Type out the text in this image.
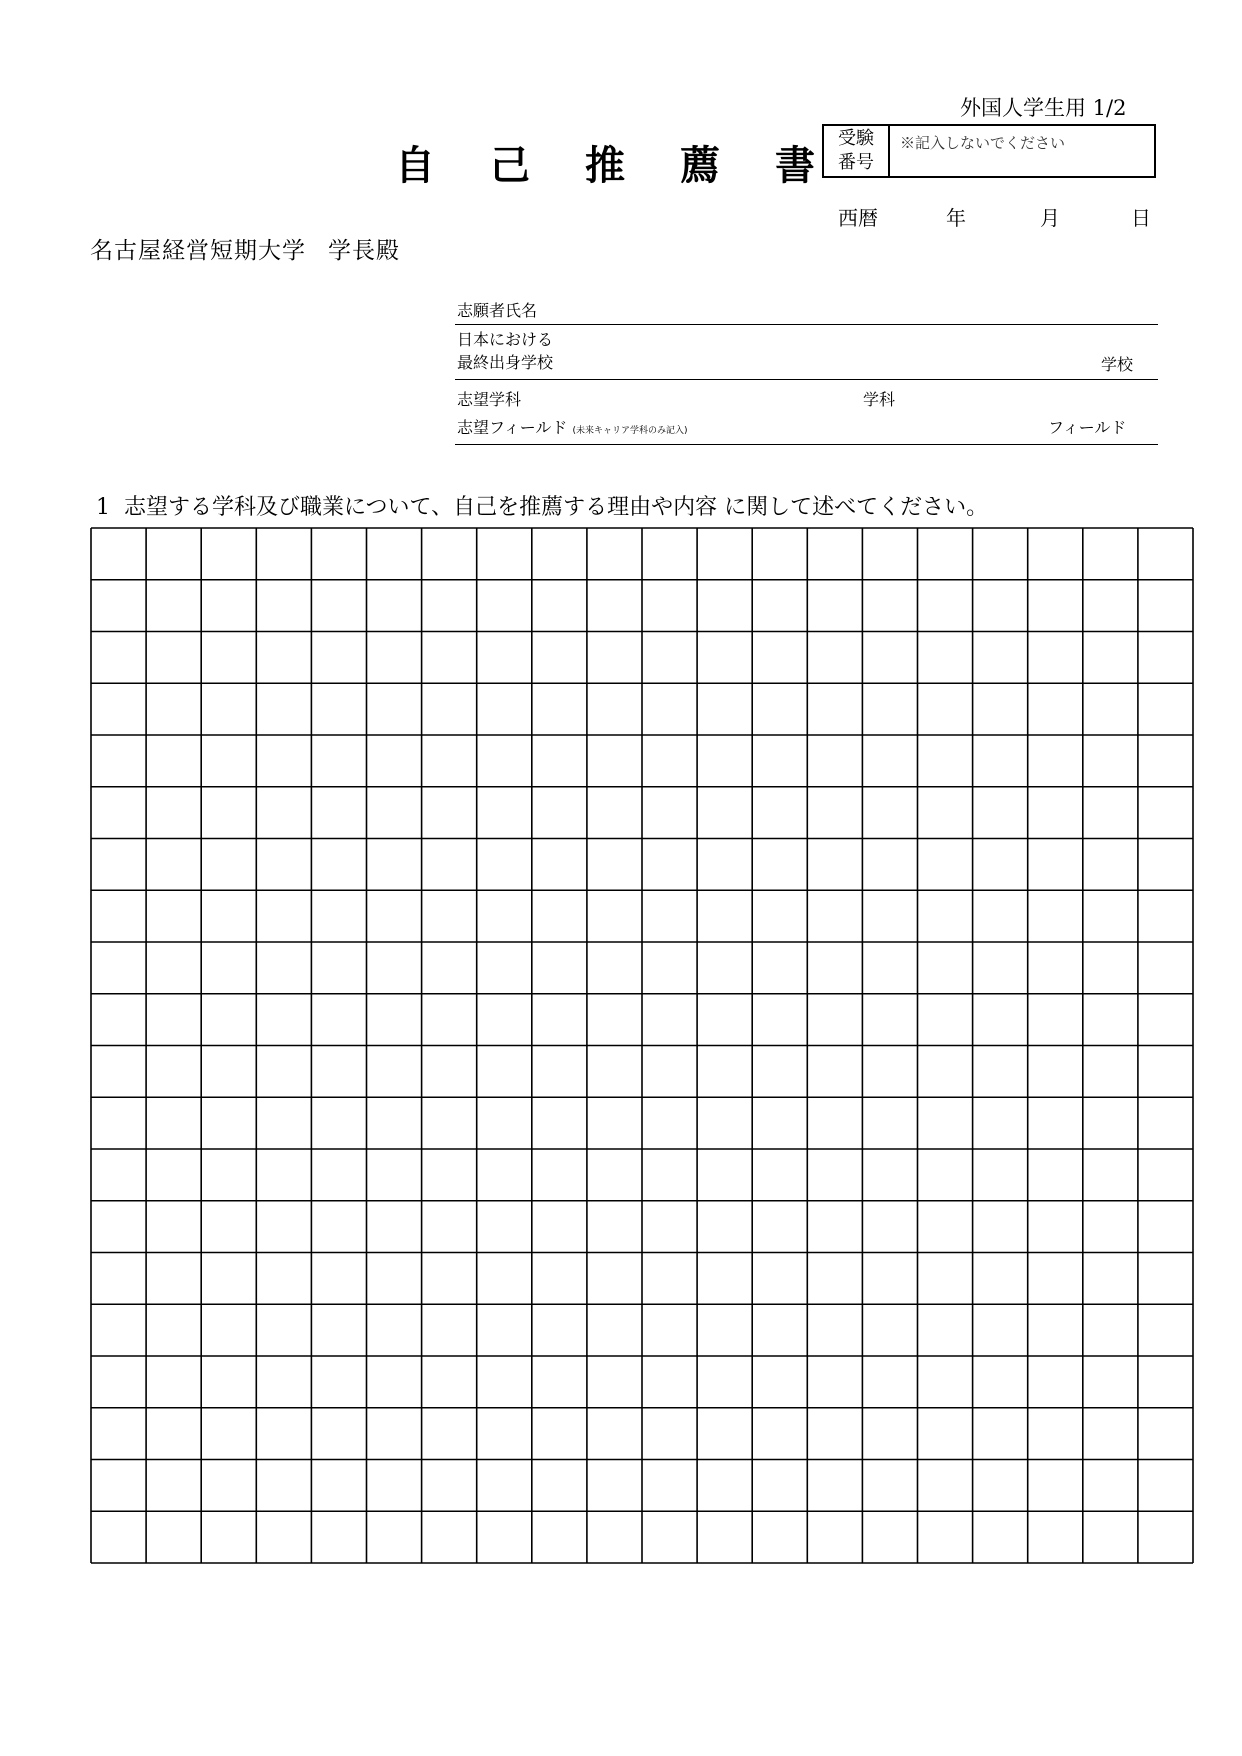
外国人学生用 1/2
自 己 推 薦 書
受験
番号
※記入しないでください
西暦	年	月	日
名古屋経営短期大学 学長殿
志願者氏名
日本における
最終出身学校	学校
志望学科	学科
志望フィールド (未来キャリア学科のみ記入)	フィールド
1 志望する学科及び職業について、自己を推薦する理由や内容 に関して述べてください。
